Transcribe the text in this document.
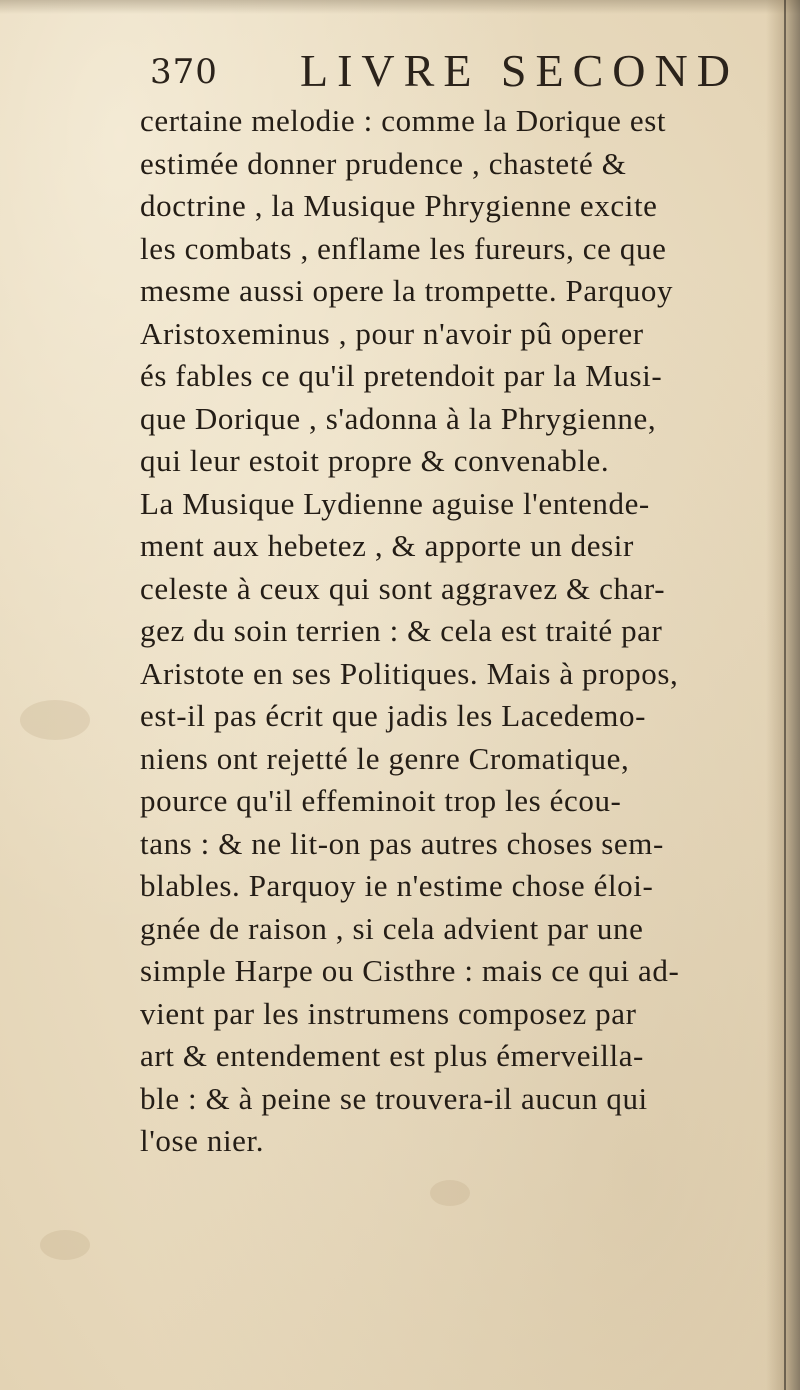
370 LIVRE SECOND
certaine melodie : comme la Dorique est
estimée donner prudence , chasteté &
doctrine , la Musique Phrygienne excite
les combats , enflame les fureurs, ce que
mesme aussi opere la trompette. Parquoy
Aristoxeminus , pour n'avoir pû operer
és fables ce qu'il pretendoit par la Musi-
que Dorique , s'adonna à la Phrygienne,
qui leur estoit propre & convenable.
La Musique Lydienne aguise l'entende-
ment aux hebetez , & apporte un desir
celeste à ceux qui sont aggravez & char-
gez du soin terrien : & cela est traité par
Aristote en ses Politiques. Mais à propos,
est-il pas écrit que jadis les Lacedemo-
niens ont rejetté le genre Cromatique,
pource qu'il effeminoit trop les écou-
tans : & ne lit-on pas autres choses sem-
blables. Parquoy ie n'estime chose éloi-
gnée de raison , si cela advient par une
simple Harpe ou Cisthre : mais ce qui ad-
vient par les instrumens composez par
art & entendement est plus émerveilla-
ble : & à peine se trouvera-il aucun qui
l'ose nier.
